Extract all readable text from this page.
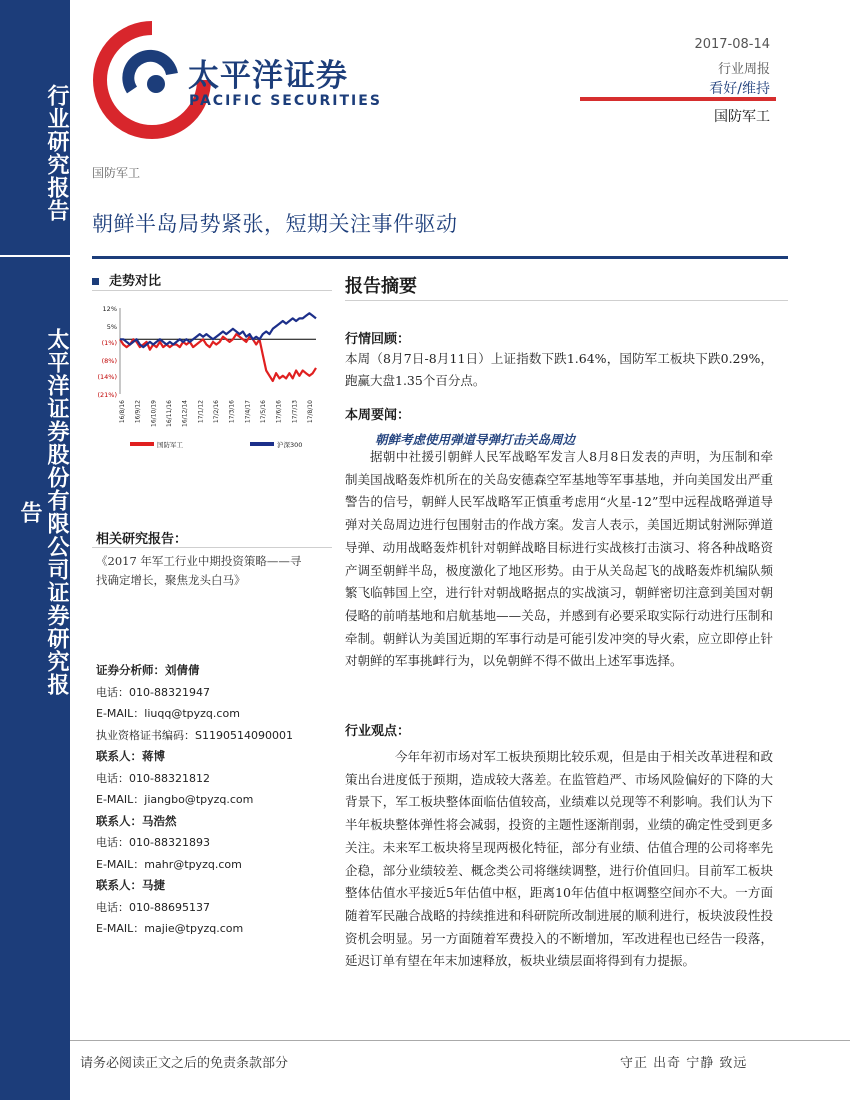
行业研究报告
太平洋证券股份有限公司证券研究报告
太平洋证券
PACIFIC SECURITIES
2017-08-14
行业周报
看好/维持
国防军工
国防军工
朝鲜半岛局势紧张，短期关注事件驱动
走势对比
12%
5%
(1%)
(8%)
(14%)
(21%)
16/8/16 16/9/12 16/10/19 16/11/16 16/12/14 17/1/12 17/2/16 17/3/16 17/4/17 17/5/16 17/6/16 17/7/13 17/8/10
国防军工	沪深300
相关研究报告：
《2017 年军工行业中期投资策略——寻
找确定增长，聚焦龙头白马》
证券分析师：刘倩倩
电话：010-88321947
E-MAIL：liuqq@tpyzq.com
执业资格证书编码：S1190514090001
联系人：蒋博
电话：010-88321812
E-MAIL：jiangbo@tpyzq.com
联系人：马浩然
电话：010-88321893
E-MAIL：mahr@tpyzq.com
联系人：马捷
电话：010-88695137
E-MAIL：majie@tpyzq.com
报告摘要
行情回顾：
本周（8月7日-8月11日）上证指数下跌1.64%，国防军工板块下跌0.29%，跑赢大盘1.35个百分点。
本周要闻：
朝鲜考虑使用弹道导弹打击关岛周边
据朝中社援引朝鲜人民军战略军发言人8月8日发表的声明，为压制和牵制美国战略轰炸机所在的关岛安德森空军基地等军事基地，并向美国发出严重警告的信号，朝鲜人民军战略军正慎重考虑用“火星-12”型中远程战略弹道导弹对关岛周边进行包围射击的作战方案。发言人表示，美国近期试射洲际弹道导弹、动用战略轰炸机针对朝鲜战略目标进行实战核打击演习、将各种战略资产调至朝鲜半岛，极度激化了地区形势。由于从关岛起飞的战略轰炸机编队频繁飞临韩国上空，进行针对朝战略据点的实战演习，朝鲜密切注意到美国对朝侵略的前哨基地和启航基地——关岛，并感到有必要采取实际行动进行压制和牵制。朝鲜认为美国近期的军事行动是可能引发冲突的导火索，应立即停止针对朝鲜的军事挑衅行为，以免朝鲜不得不做出上述军事选择。
行业观点：
今年年初市场对军工板块预期比较乐观，但是由于相关改革进程和政策出台进度低于预期，造成较大落差。在监管趋严、市场风险偏好的下降的大背景下，军工板块整体面临估值较高，业绩难以兑现等不利影响。我们认为下半年板块整体弹性将会减弱，投资的主题性逐渐削弱，业绩的确定性受到更多关注。未来军工板块将呈现两极化特征，部分有业绩、估值合理的公司将率先企稳，部分业绩较差、概念类公司将继续调整，进行价值回归。目前军工板块整体估值水平接近5年估值中枢，距离10年估值中枢调整空间亦不大。一方面随着军民融合战略的持续推进和科研院所改制进展的顺利进行，板块波段性投资机会明显。另一方面随着军费投入的不断增加，军改进程也已经告一段落，延迟订单有望在年末加速释放，板块业绩层面将得到有力提振。
请务必阅读正文之后的免责条款部分	守正 出奇 宁静 致远
